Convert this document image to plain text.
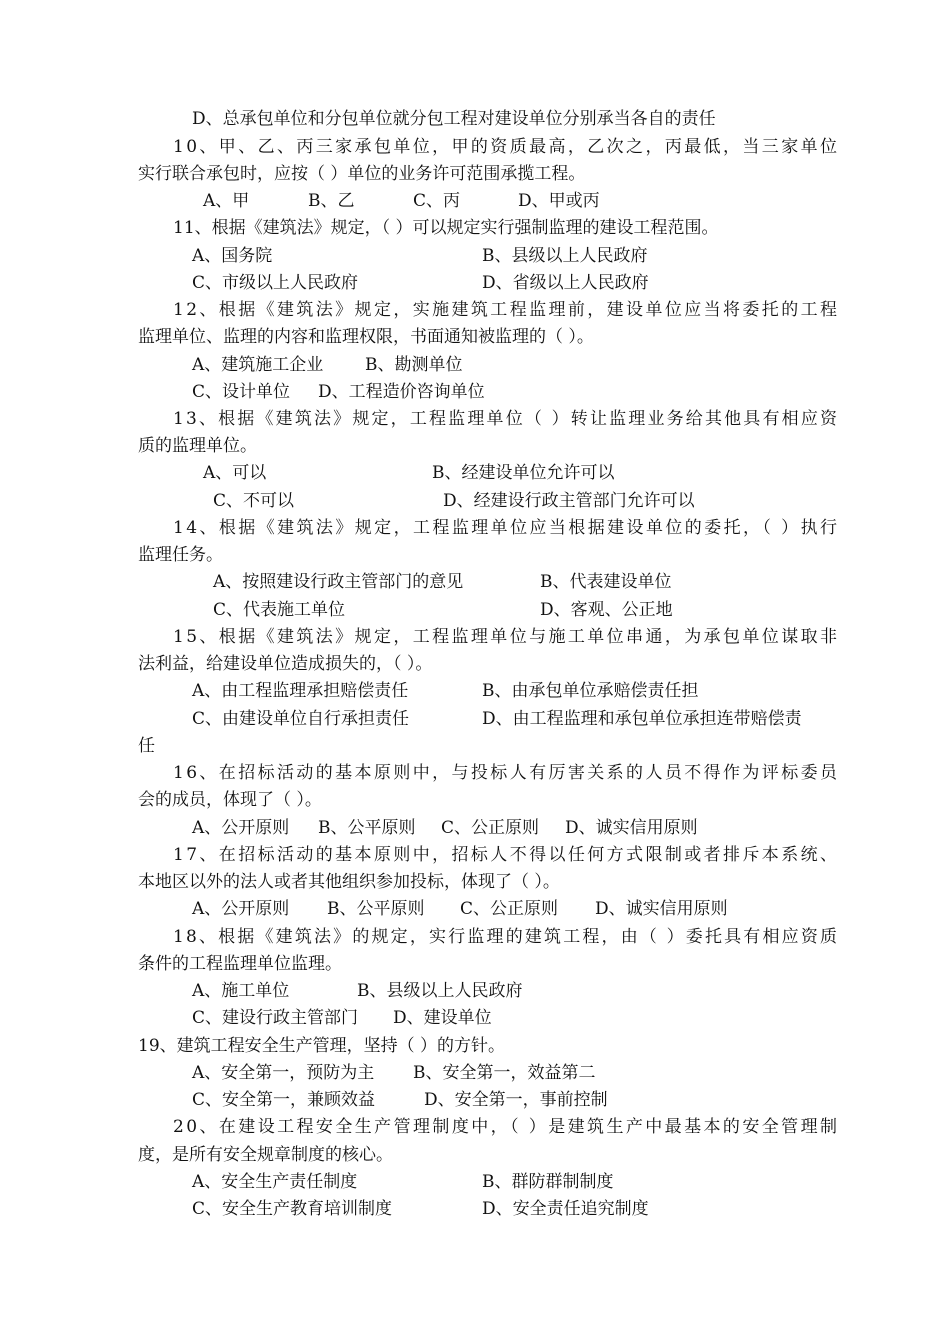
D、总承包单位和分包单位就分包工程对建设单位分别承当各自的责任
10、甲、乙、丙三家承包单位，甲的资质最高，乙次之，丙最低，当三家单位
实行联合承包时，应按（ ）单位的业务许可范围承揽工程。
A、甲	B、乙	C、丙	D、甲或丙
11、根据《建筑法》规定，（ ）可以规定实行强制监理的建设工程范围。
A、国务院	B、县级以上人民政府
C、市级以上人民政府	D、省级以上人民政府
12、根据《建筑法》规定，实施建筑工程监理前，建设单位应当将委托的工程
监理单位、监理的内容和监理权限，书面通知被监理的（ ）。
A、建筑施工企业 B、勘测单位
C、设计单位 D、工程造价咨询单位
13、根据《建筑法》规定，工程监理单位（ ）转让监理业务给其他具有相应资
质的监理单位。
A、可以	B、经建设单位允许可以
C、不可以	D、经建设行政主管部门允许可以
14、根据《建筑法》规定，工程监理单位应当根据建设单位的委托，（ ）执行
监理任务。
A、按照建设行政主管部门的意见	B、代表建设单位
C、代表施工单位	D、客观、公正地
15、根据《建筑法》规定，工程监理单位与施工单位串通，为承包单位谋取非
法利益，给建设单位造成损失的，（ ）。
A、由工程监理承担赔偿责任	B、由承包单位承赔偿责任担
C、由建设单位自行承担责任	D、由工程监理和承包单位承担连带赔偿责
任
16、在招标活动的基本原则中，与投标人有厉害关系的人员不得作为评标委员
会的成员，体现了（ ）。
A、公开原则 B、公平原则 C、公正原则 D、诚实信用原则
17、在招标活动的基本原则中，招标人不得以任何方式限制或者排斥本系统、
本地区以外的法人或者其他组织参加投标，体现了（ ）。
A、公开原则 B、公平原则 C、公正原则 D、诚实信用原则
18、根据《建筑法》的规定，实行监理的建筑工程，由（ ）委托具有相应资质
条件的工程监理单位监理。
A、施工单位	B、县级以上人民政府
C、建设行政主管部门 D、建设单位
19、建筑工程安全生产管理，坚持（ ）的方针。
A、安全第一，预防为主 B、安全第一，效益第二
C、安全第一，兼顾效益	D、安全第一，事前控制
20、在建设工程安全生产管理制度中，（ ）是建筑生产中最基本的安全管理制
度，是所有安全规章制度的核心。
A、安全生产责任制度	B、群防群制制度
C、安全生产教育培训制度	D、安全责任追究制度
